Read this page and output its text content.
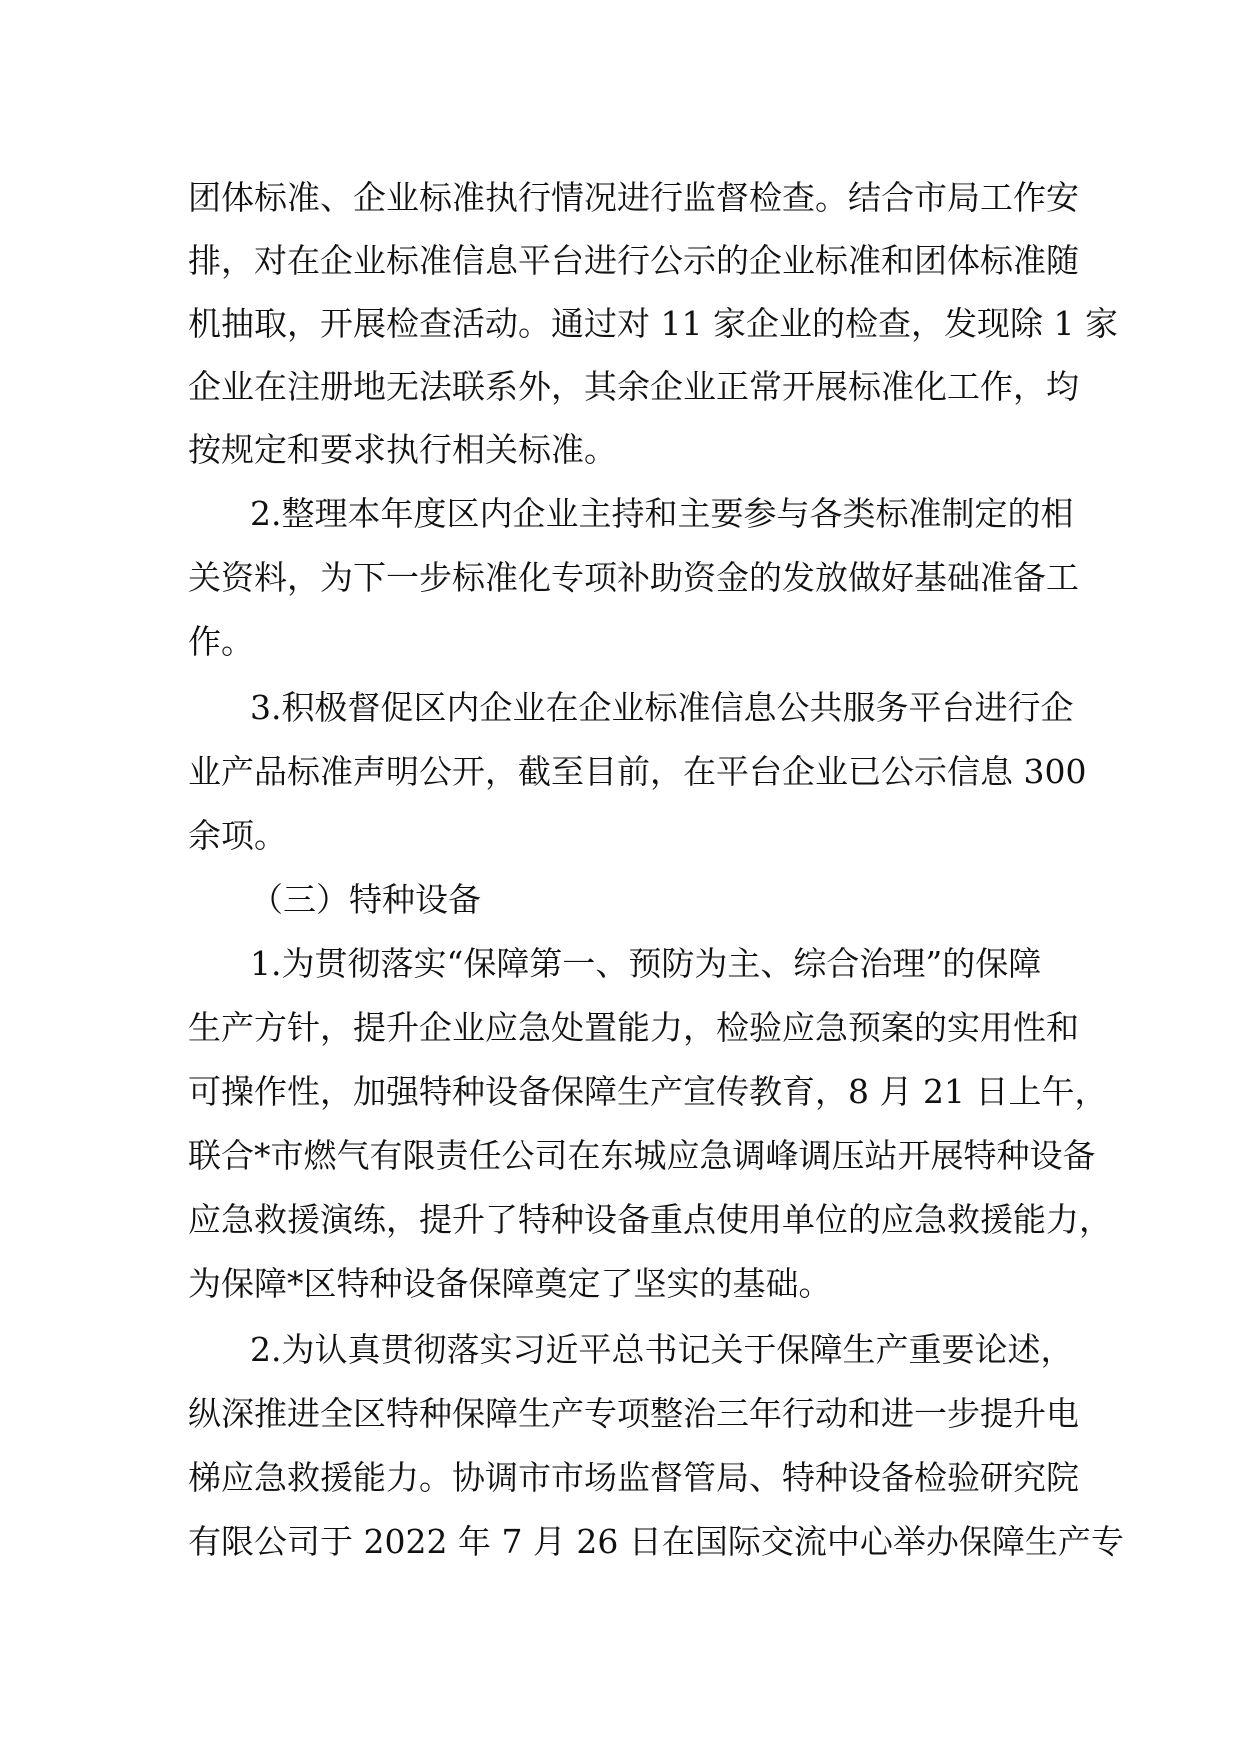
团体标准、企业标准执行情况进行监督检查。结合市局工作安
排，对在企业标准信息平台进行公示的企业标准和团体标准随
机抽取，开展检查活动。通过对 11 家企业的检查，发现除 1 家
企业在注册地无法联系外，其余企业正常开展标准化工作，均
按规定和要求执行相关标准。
2.整理本年度区内企业主持和主要参与各类标准制定的相
关资料，为下一步标准化专项补助资金的发放做好基础准备工
作。
3.积极督促区内企业在企业标准信息公共服务平台进行企
业产品标准声明公开，截至目前，在平台企业已公示信息 300
余项。
（三）特种设备
1.为贯彻落实“保障第一、预防为主、综合治理”的保障
生产方针，提升企业应急处置能力，检验应急预案的实用性和
可操作性，加强特种设备保障生产宣传教育，8 月 21 日上午，
联合*市燃气有限责任公司在东城应急调峰调压站开展特种设备
应急救援演练，提升了特种设备重点使用单位的应急救援能力，
为保障*区特种设备保障奠定了坚实的基础。
2.为认真贯彻落实习近平总书记关于保障生产重要论述，
纵深推进全区特种保障生产专项整治三年行动和进一步提升电
梯应急救援能力。协调市市场监督管局、特种设备检验研究院
有限公司于 2022 年 7 月 26 日在国际交流中心举办保障生产专
